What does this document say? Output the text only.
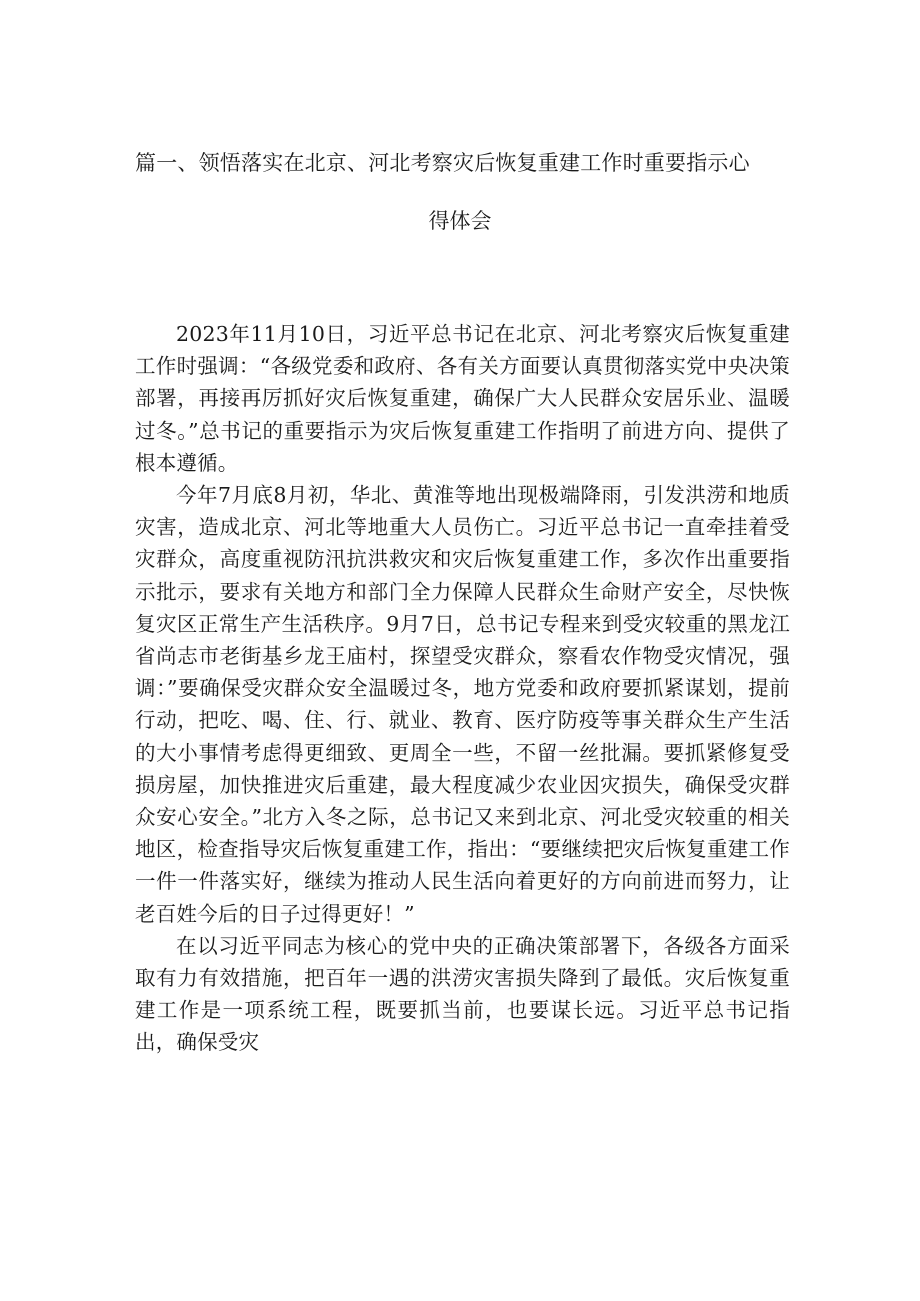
篇一、领悟落实在北京、河北考察灾后恢复重建工作时重要指示心
得体会

2023年11月10日，习近平总书记在北京、河北考察灾后恢复重建工作时强调：“各级党委和政府、各有关方面要认真贯彻落实党中央决策部署，再接再厉抓好灾后恢复重建，确保广大人民群众安居乐业、温暖过冬。”总书记的重要指示为灾后恢复重建工作指明了前进方向、提供了根本遵循。

今年7月底8月初，华北、黄淮等地出现极端降雨，引发洪涝和地质灾害，造成北京、河北等地重大人员伤亡。习近平总书记一直牵挂着受灾群众，高度重视防汛抗洪救灾和灾后恢复重建工作，多次作出重要指示批示，要求有关地方和部门全力保障人民群众生命财产安全，尽快恢复灾区正常生产生活秩序。9月7日，总书记专程来到受灾较重的黑龙江省尚志市老街基乡龙王庙村，探望受灾群众，察看农作物受灾情况，强调：”要确保受灾群众安全温暖过冬，地方党委和政府要抓紧谋划，提前行动，把吃、喝、住、行、就业、教育、医疗防疫等事关群众生产生活的大小事情考虑得更细致、更周全一些，不留一丝批漏。要抓紧修复受损房屋，加快推进灾后重建，最大程度减少农业因灾损失，确保受灾群众安心安全。”北方入冬之际，总书记又来到北京、河北受灾较重的相关地区，检查指导灾后恢复重建工作，指出：“要继续把灾后恢复重建工作一件一件落实好，继续为推动人民生活向着更好的方向前进而努力，让老百姓今后的日子过得更好！”

在以习近平同志为核心的党中央的正确决策部署下，各级各方面采取有力有效措施，把百年一遇的洪涝灾害损失降到了最低。灾后恢复重建工作是一项系统工程，既要抓当前，也要谋长远。习近平总书记指出，确保受灾
